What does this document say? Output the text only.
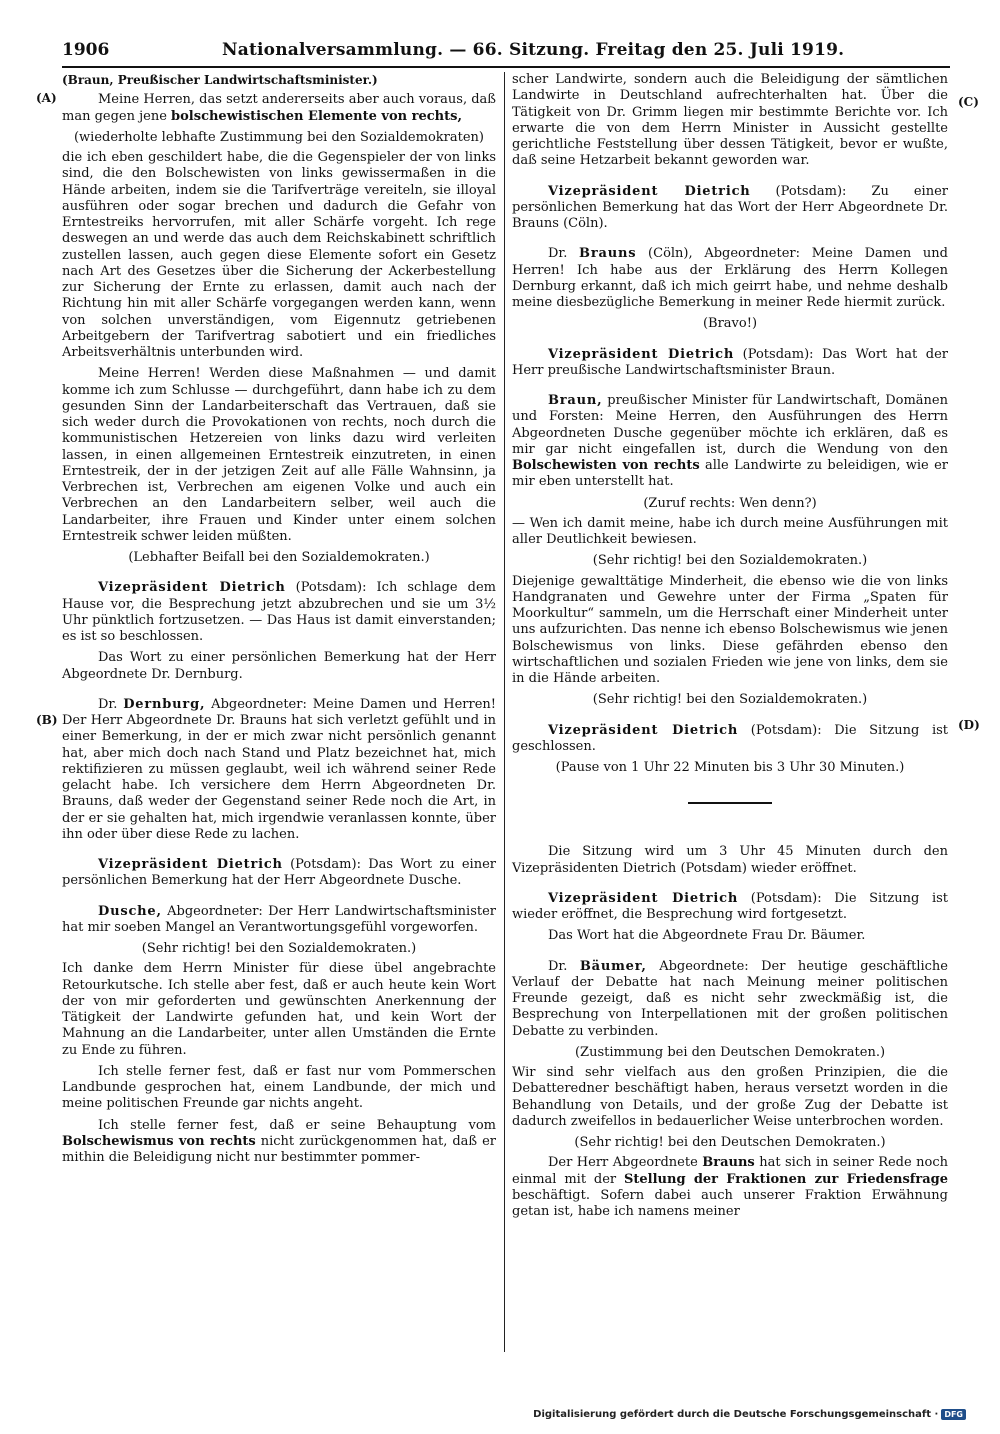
1906	Nationalversammlung. — 66. Sitzung. Freitag den 25. Juli 1919.
(A)
(B)
(C)
(D)

(Braun, Preußischer Landwirtschaftsminister.)

Meine Herren, das setzt andererseits aber auch voraus, daß man gegen jene bolschewistischen Elemente von rechts,

(wiederholte lebhafte Zustimmung bei den Sozialdemokraten)

die ich eben geschildert habe, die die Gegenspieler der von links sind, die den Bolschewisten von links gewissermaßen in die Hände arbeiten, indem sie die Tarifverträge vereiteln, sie illoyal ausführen oder sogar brechen und dadurch die Gefahr von Erntestreiks hervorrufen, mit aller Schärfe vorgeht. Ich rege deswegen an und werde das auch dem Reichskabinett schriftlich zustellen lassen, auch gegen diese Elemente sofort ein Gesetz nach Art des Gesetzes über die Sicherung der Ackerbestellung zur Sicherung der Ernte zu erlassen, damit auch nach der Richtung hin mit aller Schärfe vorgegangen werden kann, wenn von solchen unverständigen, vom Eigennutz getriebenen Arbeitgebern der Tarifvertrag sabotiert und ein friedliches Arbeitsverhältnis unterbunden wird.

Meine Herren! Werden diese Maßnahmen — und damit komme ich zum Schlusse — durchgeführt, dann habe ich zu dem gesunden Sinn der Landarbeiterschaft das Vertrauen, daß sie sich weder durch die Provokationen von rechts, noch durch die kommunistischen Hetzereien von links dazu wird verleiten lassen, in einen allgemeinen Erntestreik einzutreten, in einen Erntestreik, der in der jetzigen Zeit auf alle Fälle Wahnsinn, ja Verbrechen ist, Verbrechen am eigenen Volke und auch ein Verbrechen an den Landarbeitern selber, weil auch die Landarbeiter, ihre Frauen und Kinder unter einem solchen Erntestreik schwer leiden müßten.

(Lebhafter Beifall bei den Sozialdemokraten.)

Vizepräsident Dietrich (Potsdam): Ich schlage dem Hause vor, die Besprechung jetzt abzubrechen und sie um 3½ Uhr pünktlich fortzusetzen. — Das Haus ist damit einverstanden; es ist so beschlossen.

Das Wort zu einer persönlichen Bemerkung hat der Herr Abgeordnete Dr. Dernburg.

Dr. Dernburg, Abgeordneter: Meine Damen und Herren! Der Herr Abgeordnete Dr. Brauns hat sich verletzt gefühlt und in einer Bemerkung, in der er mich zwar nicht persönlich genannt hat, aber mich doch nach Stand und Platz bezeichnet hat, mich rektifizieren zu müssen geglaubt, weil ich während seiner Rede gelacht habe. Ich versichere dem Herrn Abgeordneten Dr. Brauns, daß weder der Gegenstand seiner Rede noch die Art, in der er sie gehalten hat, mich irgendwie veranlassen konnte, über ihn oder über diese Rede zu lachen.

Vizepräsident Dietrich (Potsdam): Das Wort zu einer persönlichen Bemerkung hat der Herr Abgeordnete Dusche.

Dusche, Abgeordneter: Der Herr Landwirtschaftsminister hat mir soeben Mangel an Verantwortungsgefühl vorgeworfen.

(Sehr richtig! bei den Sozialdemokraten.)

Ich danke dem Herrn Minister für diese übel angebrachte Retourkutsche. Ich stelle aber fest, daß er auch heute kein Wort der von mir geforderten und gewünschten Anerkennung der Tätigkeit der Landwirte gefunden hat, und kein Wort der Mahnung an die Landarbeiter, unter allen Umständen die Ernte zu Ende zu führen.

Ich stelle ferner fest, daß er fast nur vom Pommerschen Landbunde gesprochen hat, einem Landbunde, der mich und meine politischen Freunde gar nichts angeht.

Ich stelle ferner fest, daß er seine Behauptung vom Bolschewismus von rechts nicht zurückgenommen hat, daß er mithin die Beleidigung nicht nur bestimmter pommer-

scher Landwirte, sondern auch die Beleidigung der sämtlichen Landwirte in Deutschland aufrechterhalten hat. Über die Tätigkeit von Dr. Grimm liegen mir bestimmte Berichte vor. Ich erwarte die von dem Herrn Minister in Aussicht gestellte gerichtliche Feststellung über dessen Tätigkeit, bevor er wußte, daß seine Hetzarbeit bekannt geworden war.

Vizepräsident Dietrich (Potsdam): Zu einer persönlichen Bemerkung hat das Wort der Herr Abgeordnete Dr. Brauns (Cöln).

Dr. Brauns (Cöln), Abgeordneter: Meine Damen und Herren! Ich habe aus der Erklärung des Herrn Kollegen Dernburg erkannt, daß ich mich geirrt habe, und nehme deshalb meine diesbezügliche Bemerkung in meiner Rede hiermit zurück.

(Bravo!)

Vizepräsident Dietrich (Potsdam): Das Wort hat der Herr preußische Landwirtschaftsminister Braun.

Braun, preußischer Minister für Landwirtschaft, Domänen und Forsten: Meine Herren, den Ausführungen des Herrn Abgeordneten Dusche gegenüber möchte ich erklären, daß es mir gar nicht eingefallen ist, durch die Wendung von den Bolschewisten von rechts alle Landwirte zu beleidigen, wie er mir eben unterstellt hat.

(Zuruf rechts: Wen denn?)

— Wen ich damit meine, habe ich durch meine Ausführungen mit aller Deutlichkeit bewiesen.

(Sehr richtig! bei den Sozialdemokraten.)

Diejenige gewalttätige Minderheit, die ebenso wie die von links Handgranaten und Gewehre unter der Firma „Spaten für Moorkultur“ sammeln, um die Herrschaft einer Minderheit unter uns aufzurichten. Das nenne ich ebenso Bolschewismus wie jenen Bolschewismus von links. Diese gefährden ebenso den wirtschaftlichen und sozialen Frieden wie jene von links, dem sie in die Hände arbeiten.

(Sehr richtig! bei den Sozialdemokraten.)

Vizepräsident Dietrich (Potsdam): Die Sitzung ist geschlossen.

(Pause von 1 Uhr 22 Minuten bis 3 Uhr 30 Minuten.)

Die Sitzung wird um 3 Uhr 45 Minuten durch den Vizepräsidenten Dietrich (Potsdam) wieder eröffnet.

Vizepräsident Dietrich (Potsdam): Die Sitzung ist wieder eröffnet, die Besprechung wird fortgesetzt.

Das Wort hat die Abgeordnete Frau Dr. Bäumer.

Dr. Bäumer, Abgeordnete: Der heutige geschäftliche Verlauf der Debatte hat nach Meinung meiner politischen Freunde gezeigt, daß es nicht sehr zweckmäßig ist, die Besprechung von Interpellationen mit der großen politischen Debatte zu verbinden.

(Zustimmung bei den Deutschen Demokraten.)

Wir sind sehr vielfach aus den großen Prinzipien, die die Debatteredner beschäftigt haben, heraus versetzt worden in die Behandlung von Details, und der große Zug der Debatte ist dadurch zweifellos in bedauerlicher Weise unterbrochen worden.

(Sehr richtig! bei den Deutschen Demokraten.)

Der Herr Abgeordnete Brauns hat sich in seiner Rede noch einmal mit der Stellung der Fraktionen zur Friedensfrage beschäftigt. Sofern dabei auch unserer Fraktion Erwähnung getan ist, habe ich namens meiner

Digitalisierung gefördert durch die Deutsche Forschungsgemeinschaft · DFG
